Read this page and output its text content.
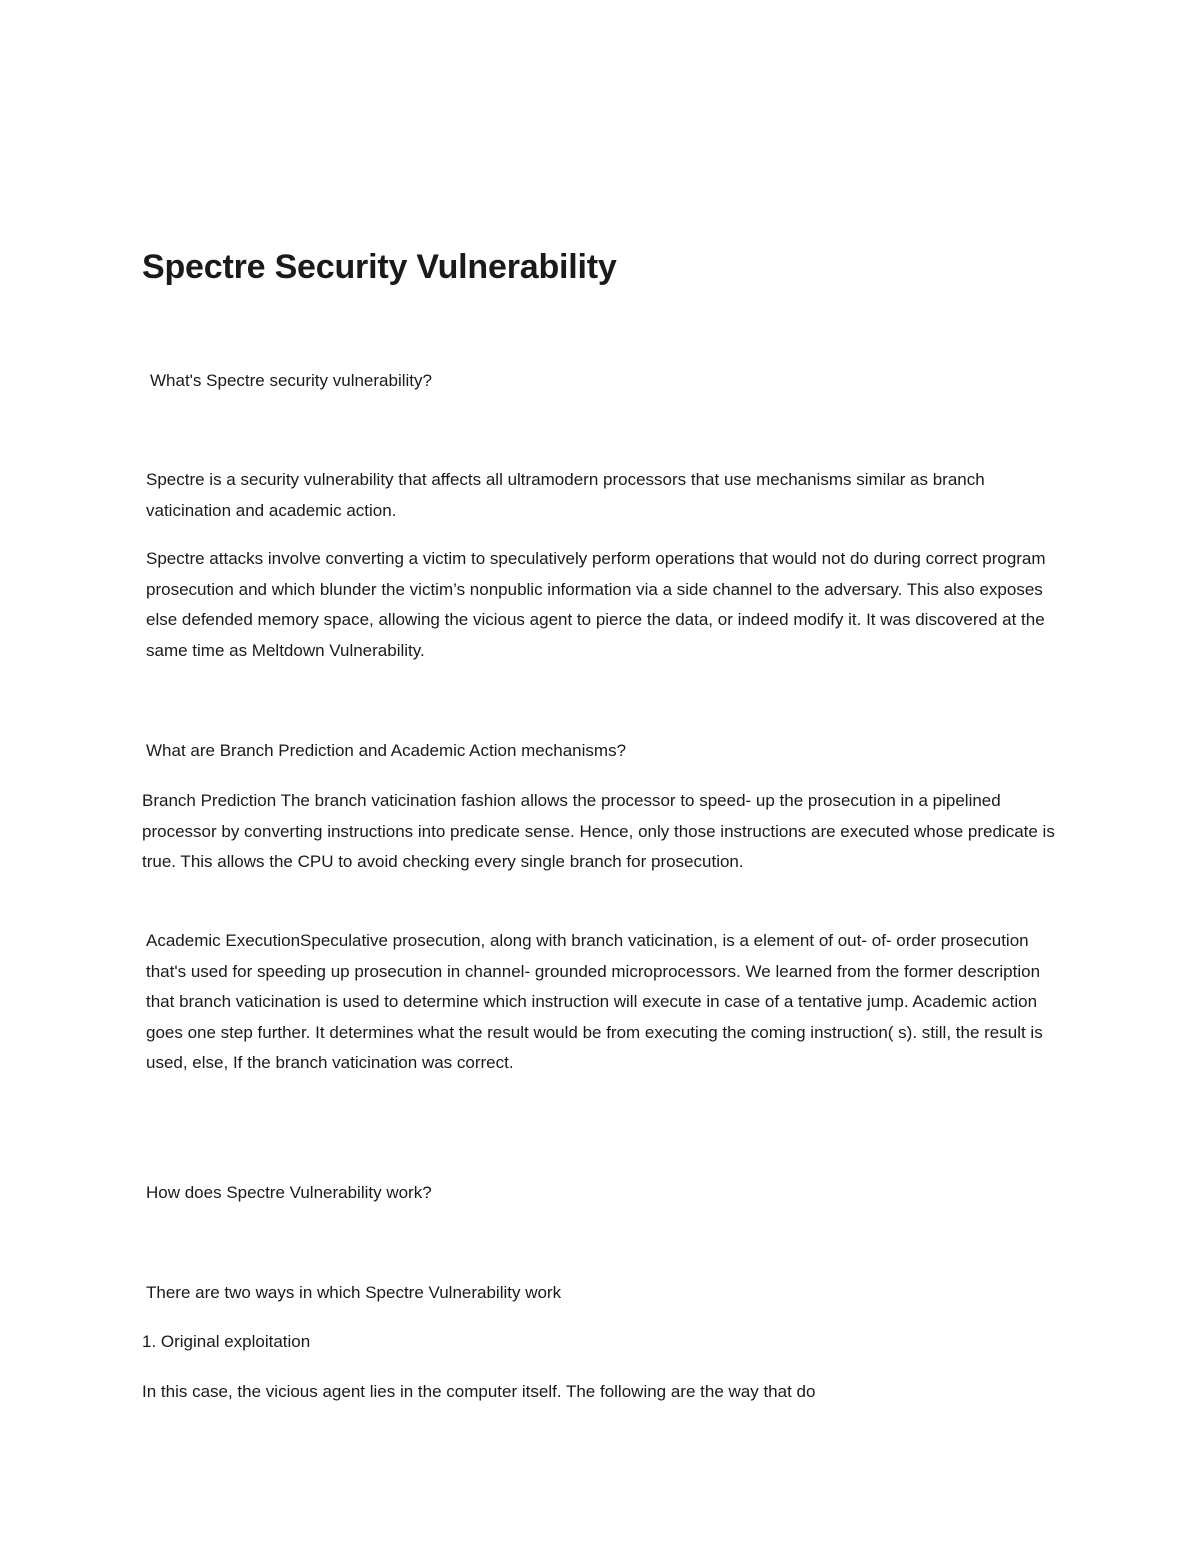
Spectre Security Vulnerability
What's Spectre security vulnerability?
Spectre is a security vulnerability that affects all ultramodern processors that use mechanisms similar as branch vaticination and academic action.
Spectre attacks involve converting a victim to speculatively perform operations that would not do during correct program prosecution and which blunder the victim’s nonpublic information via a side channel to the adversary. This also exposes else defended memory space, allowing the vicious agent to pierce the data, or indeed modify it. It was discovered at the same time as Meltdown Vulnerability.
What are Branch Prediction and Academic Action mechanisms?
Branch Prediction The branch vaticination fashion allows the processor to speed- up the prosecution in a pipelined processor by converting instructions into predicate sense. Hence, only those instructions are executed whose predicate is true. This allows the CPU to avoid checking every single branch for prosecution.
Academic ExecutionSpeculative prosecution, along with branch vaticination, is a element of out- of- order prosecution that's used for speeding up prosecution in channel- grounded microprocessors. We learned from the former description that branch vaticination is used to determine which instruction will execute in case of a tentative jump. Academic action goes one step further. It determines what the result would be from executing the coming instruction( s). still, the result is used, else, If the branch vaticination was correct.
How does Spectre Vulnerability work?
There are two ways in which Spectre Vulnerability work
1. Original exploitation
In this case, the vicious agent lies in the computer itself. The following are the way that do
